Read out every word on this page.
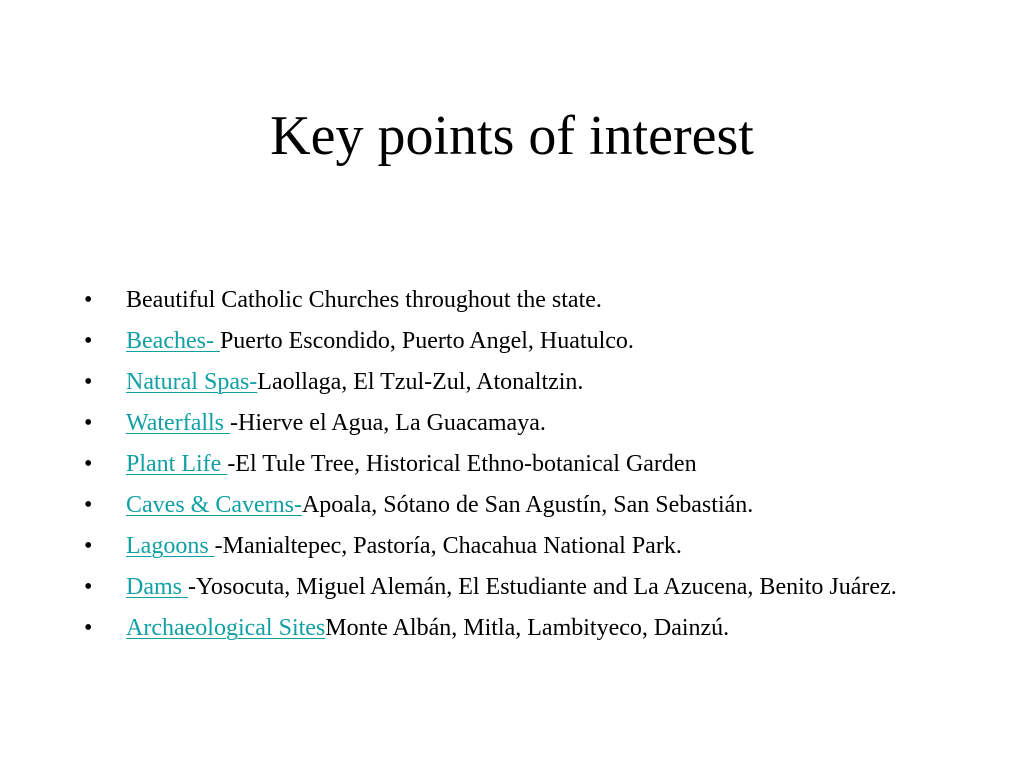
Key points of interest
•	Beautiful Catholic Churches throughout the state.
•	Beaches- Puerto Escondido, Puerto Angel, Huatulco.
•	Natural Spas-Laollaga, El Tzul-Zul, Atonaltzin.
•	Waterfalls -Hierve el Agua, La Guacamaya.
•	Plant Life -El Tule Tree, Historical Ethno-botanical Garden
•	Caves & Caverns-Apoala, Sótano de San Agustín, San Sebastián.
•	Lagoons -Manialtepec, Pastoría, Chacahua National Park.
•	Dams -Yosocuta, Miguel Alemán, El Estudiante and La Azucena, Benito Juárez.
•	Archaeological SitesMonte Albán, Mitla, Lambityeco, Dainzú.
